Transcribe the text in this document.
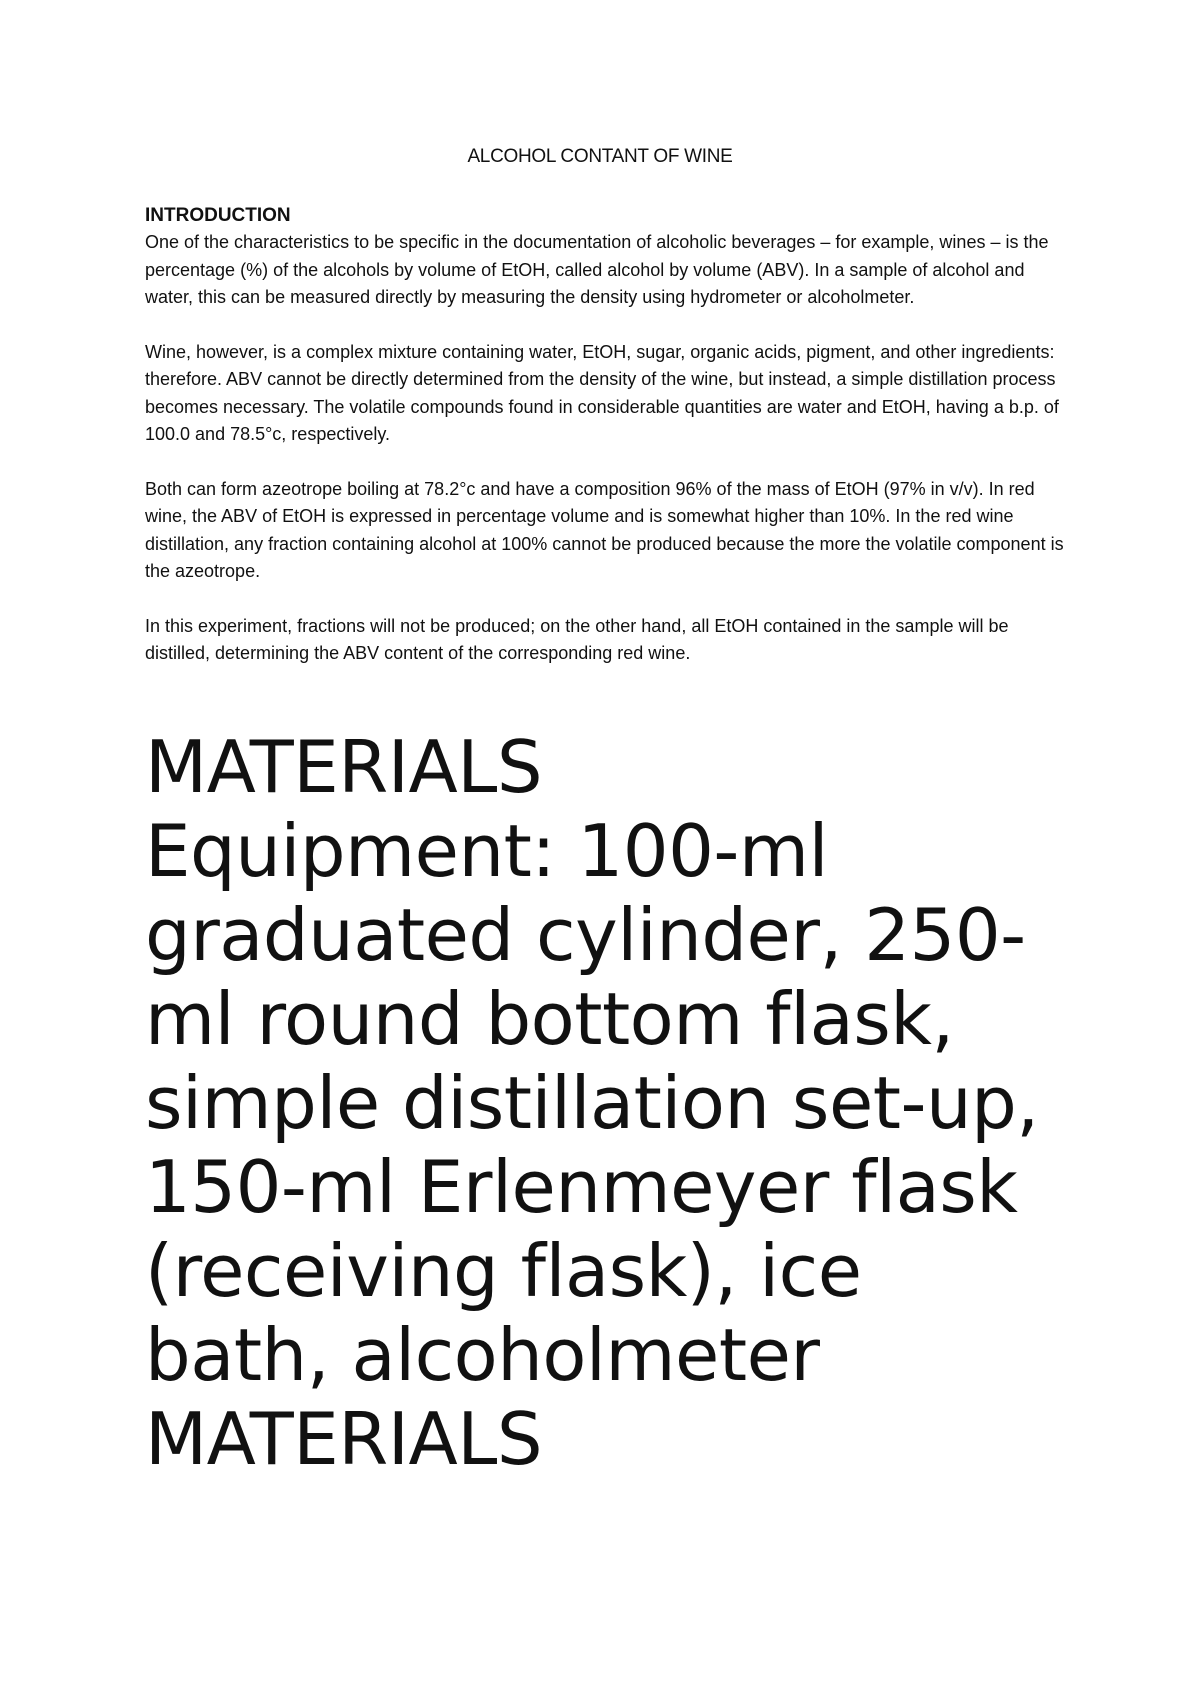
ALCOHOL CONTANT OF WINE

INTRODUCTION

One of the characteristics to be specific in the documentation of alcoholic beverages – for example, wines – is the percentage (%) of the alcohols by volume of EtOH, called alcohol by volume (ABV). In a sample of alcohol and water, this can be measured directly by measuring the density using hydrometer or alcoholmeter.

Wine, however, is a complex mixture containing water, EtOH, sugar, organic acids, pigment, and other ingredients: therefore. ABV cannot be directly determined from the density of the wine, but instead, a simple distillation process becomes necessary. The volatile compounds found in considerable quantities are water and EtOH, having a b.p. of 100.0 and 78.5°c, respectively.

Both can form azeotrope boiling at 78.2°c and have a composition 96% of the mass of EtOH (97% in v/v). In red wine, the ABV of EtOH is expressed in percentage volume and is somewhat higher than 10%. In the red wine distillation, any fraction containing alcohol at 100% cannot be produced because the more the volatile component is the azeotrope.

In this experiment, fractions will not be produced; on the other hand, all EtOH contained in the sample will be distilled, determining the ABV content of the corresponding red wine.

MATERIALS
Equipment: 100-ml graduated cylinder, 250-ml round bottom flask, simple distillation set-up, 150-ml Erlenmeyer flask (receiving flask), ice bath, alcoholmeter
MATERIALS
